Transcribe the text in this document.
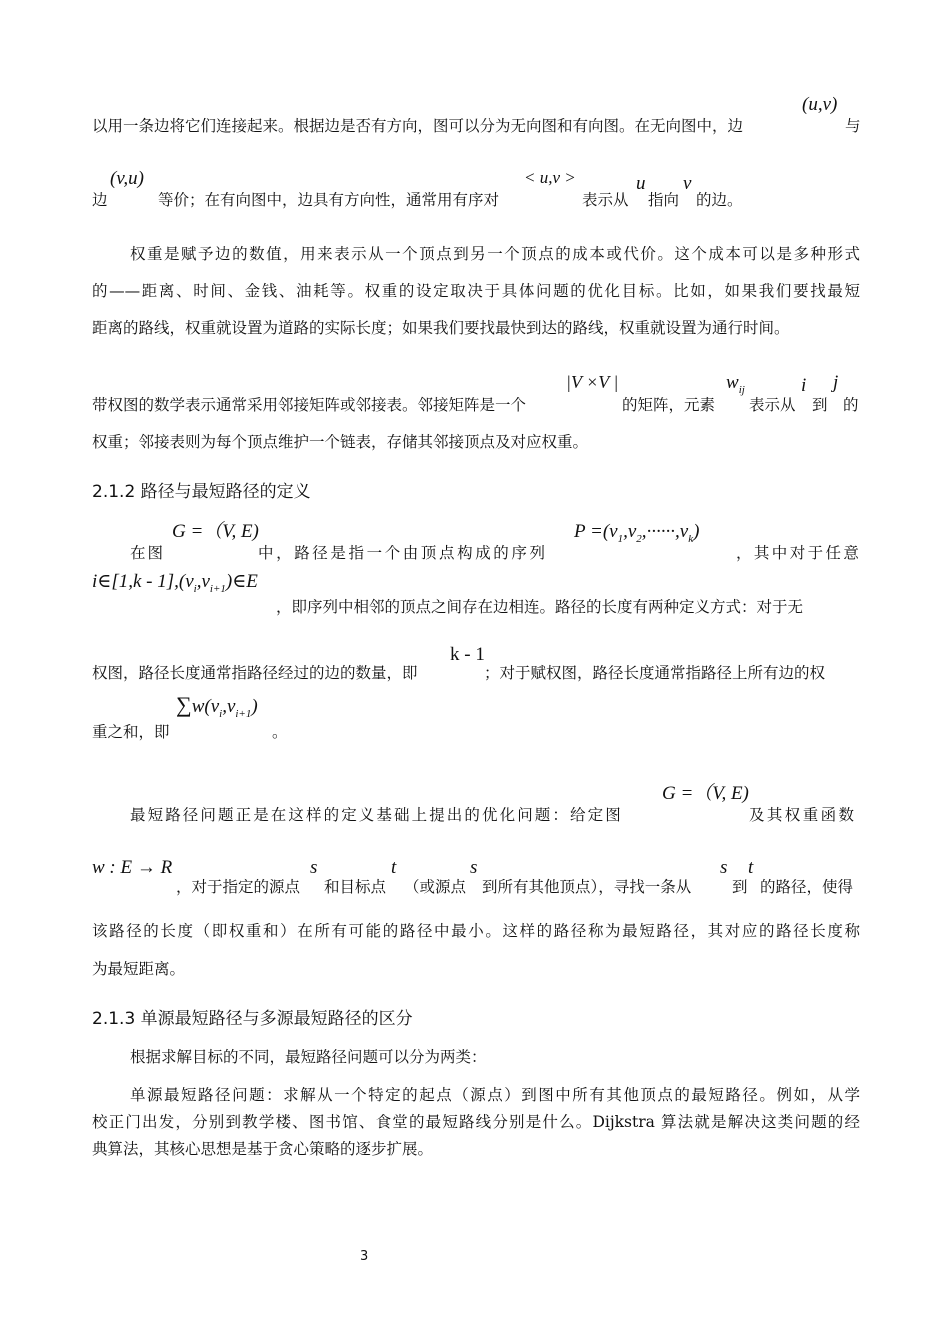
(u,v)
以用一条边将它们连接起来。根据边是否有方向，图可以分为无向图和有向图。在无向图中，边	与
(v,u)	< u,v >	u v
边	等价；在有向图中，边具有方向性，通常用有序对	表示从 指向 的边。
权重是赋予边的数值，用来表示从一个顶点到另一个顶点的成本或代价。这个成本可以是多种形式
的——距离、时间、金钱、油耗等。权重的设定取决于具体问题的优化目标。比如，如果我们要找最短
距离的路线，权重就设置为道路的实际长度；如果我们要找最快到达的路线，权重就设置为通行时间。
|V ×V |	$w_{ij}$	i j
带权图的数学表示通常采用邻接矩阵或邻接表。邻接矩阵是一个	的矩阵，元素 表示从 到 的
权重；邻接表则为每个顶点维护一个链表，存储其邻接顶点及对应权重。
2.1.2 路径与最短路径的定义
G =（V, E)	$P =(v_1,v_2,\cdot\cdot\cdot\cdot\cdot\cdot,v_k)$
在图	中，路径是指一个由顶点构成的序列	，其中对于任意
i∈[1,k - $1],(v_i,v_{i+1})\in E$
，即序列中相邻的顶点之间存在边相连。路径的长度有两种定义方式：对于无
k - 1
权图，路径长度通常指路径经过的边的数量，即	；对于赋权图，路径长度通常指路径上所有边的权
$\sum w(v_i,v_{i+1})$
重之和，即	。
G =（V, E)
最短路径问题正是在这样的定义基础上提出的优化问题：给定图	及其权重函数
w : E → R	s	t	s	s t
，对于指定的源点 和目标点 （或源点 到所有其他顶点），寻找一条从	到 的路径，使得
该路径的长度（即权重和）在所有可能的路径中最小。这样的路径称为最短路径，其对应的路径长度称
为最短距离。
2.1.3 单源最短路径与多源最短路径的区分
根据求解目标的不同，最短路径问题可以分为两类：
单源最短路径问题：求解从一个特定的起点（源点）到图中所有其他顶点的最短路径。例如，从学
校正门出发，分别到教学楼、图书馆、食堂的最短路线分别是什么。Dijkstra 算法就是解决这类问题的经
典算法，其核心思想是基于贪心策略的逐步扩展。
3
